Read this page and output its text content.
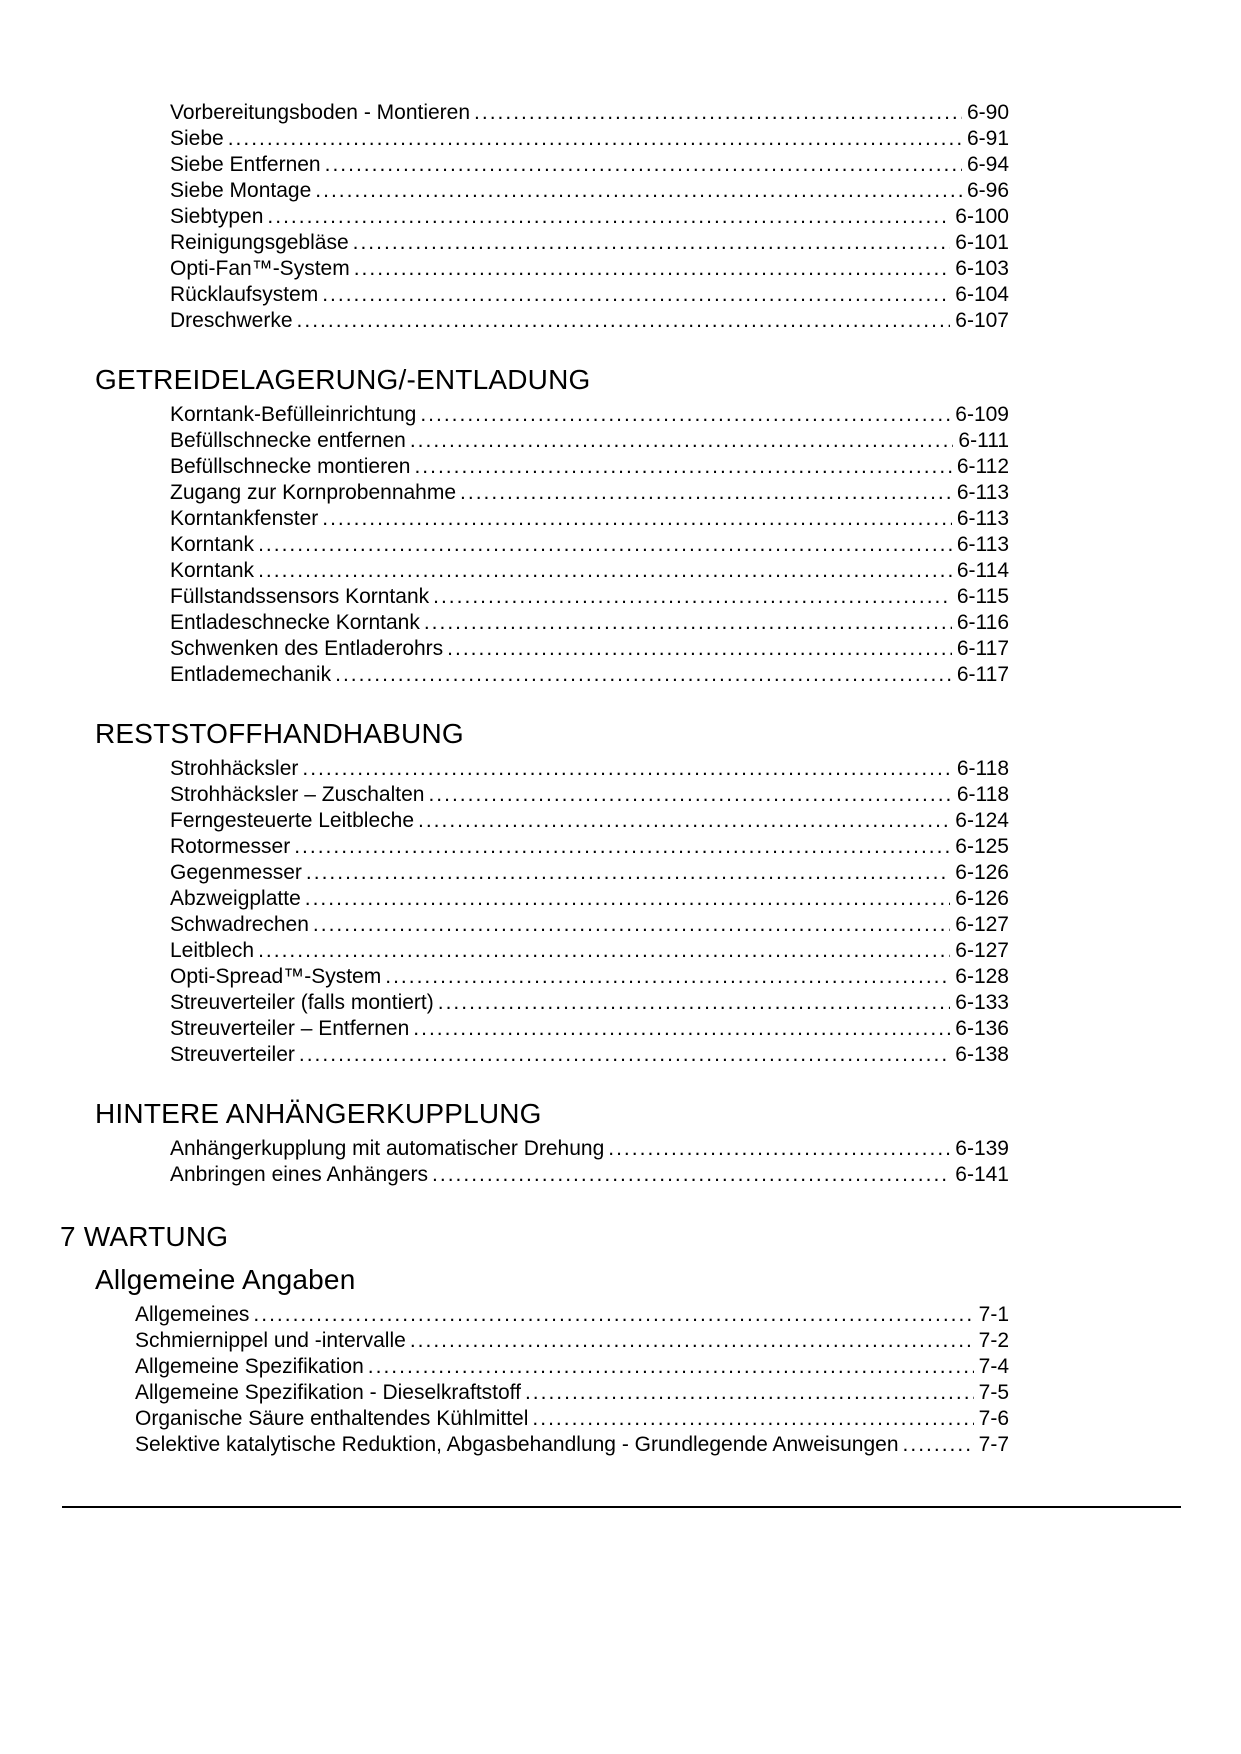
Vorbereitungsboden - Montieren .....	6-90
Siebe .....	6-91
Siebe Entfernen .....	6-94
Siebe Montage .....	6-96
Siebtypen .....	6-100
Reinigungsgebläse .....	6-101
Opti-Fan™-System .....	6-103
Rücklaufsystem .....	6-104
Dreschwerke .....	6-107
GETREIDELAGERUNG/-ENTLADUNG
Korntank-Befülleinrichtung .....	6-109
Befüllschnecke entfernen .....	6-111
Befüllschnecke montieren .....	6-112
Zugang zur Kornprobennahme .....	6-113
Korntankfenster .....	6-113
Korntank .....	6-113
Korntank .....	6-114
Füllstandssensors Korntank .....	6-115
Entladeschnecke Korntank .....	6-116
Schwenken des Entladerohrs .....	6-117
Entlademechanik .....	6-117
RESTSTOFFHANDHABUNG
Strohhäcksler .....	6-118
Strohhäcksler – Zuschalten .....	6-118
Ferngesteuerte Leitbleche .....	6-124
Rotormesser .....	6-125
Gegenmesser .....	6-126
Abzweigplatte .....	6-126
Schwadrechen .....	6-127
Leitblech .....	6-127
Opti-Spread™-System .....	6-128
Streuverteiler (falls montiert) .....	6-133
Streuverteiler – Entfernen .....	6-136
Streuverteiler .....	6-138
HINTERE ANHÄNGERKUPPLUNG
Anhängerkupplung mit automatischer Drehung .....	6-139
Anbringen eines Anhängers .....	6-141
7 WARTUNG
Allgemeine Angaben
Allgemeines .....	7-1
Schmiernippel und -intervalle .....	7-2
Allgemeine Spezifikation .....	7-4
Allgemeine Spezifikation - Dieselkraftstoff .....	7-5
Organische Säure enthaltendes Kühlmittel .....	7-6
Selektive katalytische Reduktion, Abgasbehandlung - Grundlegende Anweisungen .....	7-7
